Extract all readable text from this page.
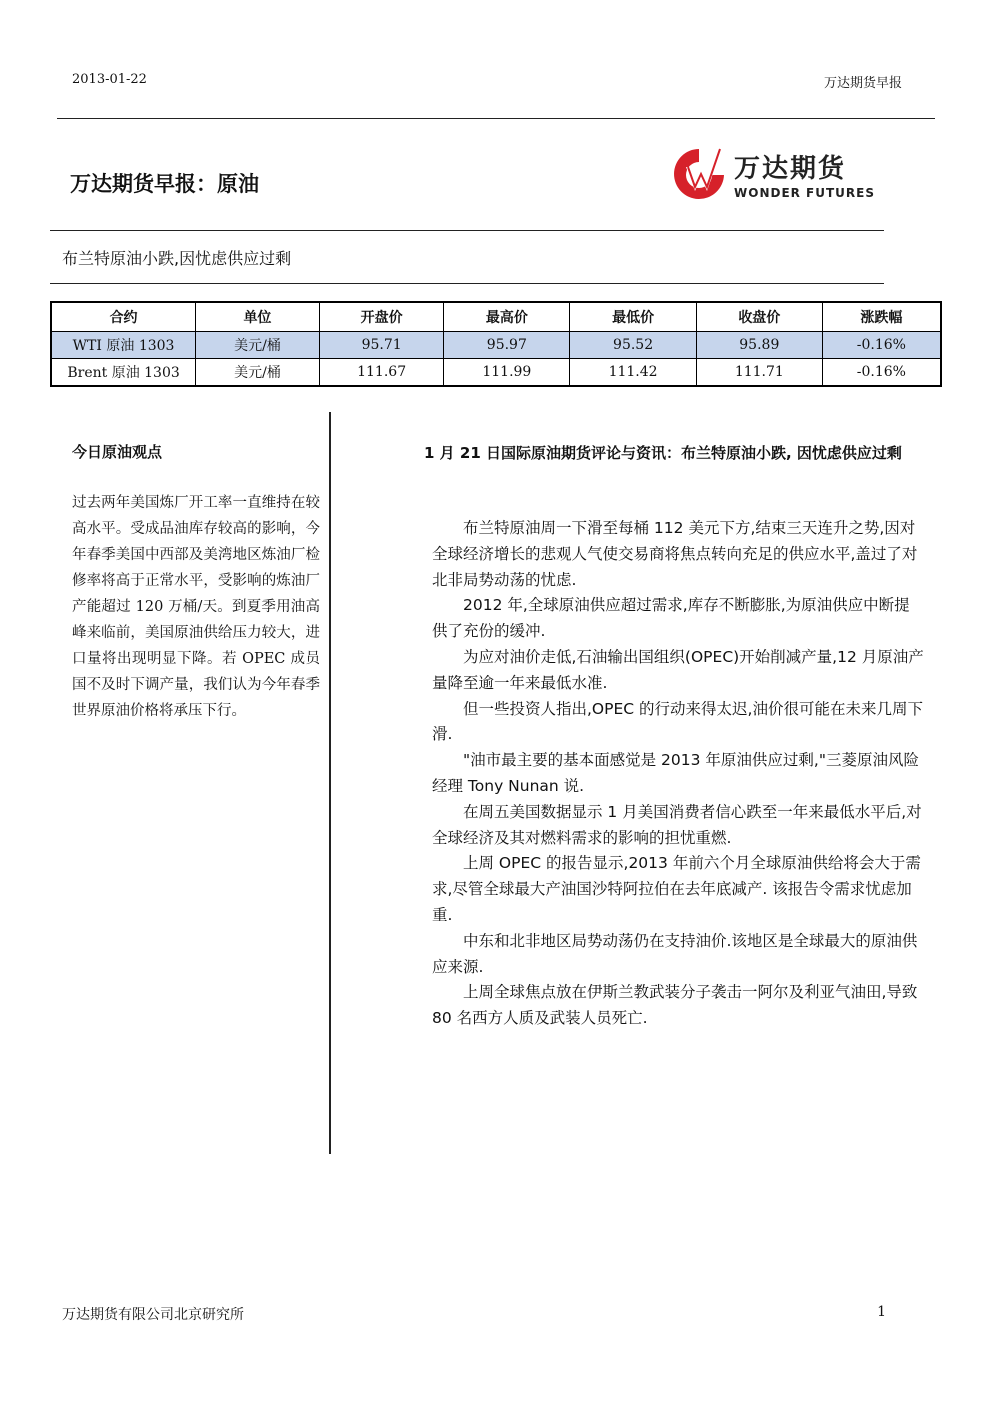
2013-01-22	万达期货早报
万达期货早报：原油	万达期货
WONDER FUTURES
布兰特原油小跌,因忧虑供应过剩
合约	单位	开盘价	最高价	最低价	收盘价	涨跌幅
WTI 原油 1303	美元/桶	95.71	95.97	95.52	95.89	-0.16%
Brent 原油 1303	美元/桶	111.67	111.99	111.42	111.71	-0.16%
今日原油观点
过去两年美国炼厂开工率一直维持在较高水平。受成品油库存较高的影响，今年春季美国中西部及美湾地区炼油厂检修率将高于正常水平，受影响的炼油厂产能超过 120 万桶/天。到夏季用油高峰来临前，美国原油供给压力较大，进口量将出现明显下降。若 OPEC 成员国不及时下调产量，我们认为今年春季世界原油价格将承压下行。
1 月 21 日国际原油期货评论与资讯：布兰特原油小跌, 因忧虑供应过剩

布兰特原油周一下滑至每桶 112 美元下方,结束三天连升之势,因对全球经济增长的悲观人气使交易商将焦点转向充足的供应水平,盖过了对北非局势动荡的忧虑.

2012 年,全球原油供应超过需求,库存不断膨胀,为原油供应中断提供了充份的缓冲.

为应对油价走低,石油输出国组织(OPEC)开始削减产量,12 月原油产量降至逾一年来最低水准.

但一些投资人指出,OPEC 的行动来得太迟,油价很可能在未来几周下滑.

"油市最主要的基本面感觉是 2013 年原油供应过剩,"三菱原油风险经理 Tony Nunan 说.

在周五美国数据显示 1 月美国消费者信心跌至一年来最低水平后,对全球经济及其对燃料需求的影响的担忧重燃.

上周 OPEC 的报告显示,2013 年前六个月全球原油供给将会大于需求,尽管全球最大产油国沙特阿拉伯在去年底减产. 该报告令需求忧虑加重.

中东和北非地区局势动荡仍在支持油价.该地区是全球最大的原油供应来源.

上周全球焦点放在伊斯兰教武装分子袭击一阿尔及利亚气油田,导致 80 名西方人质及武装人员死亡.

万达期货有限公司北京研究所	1
